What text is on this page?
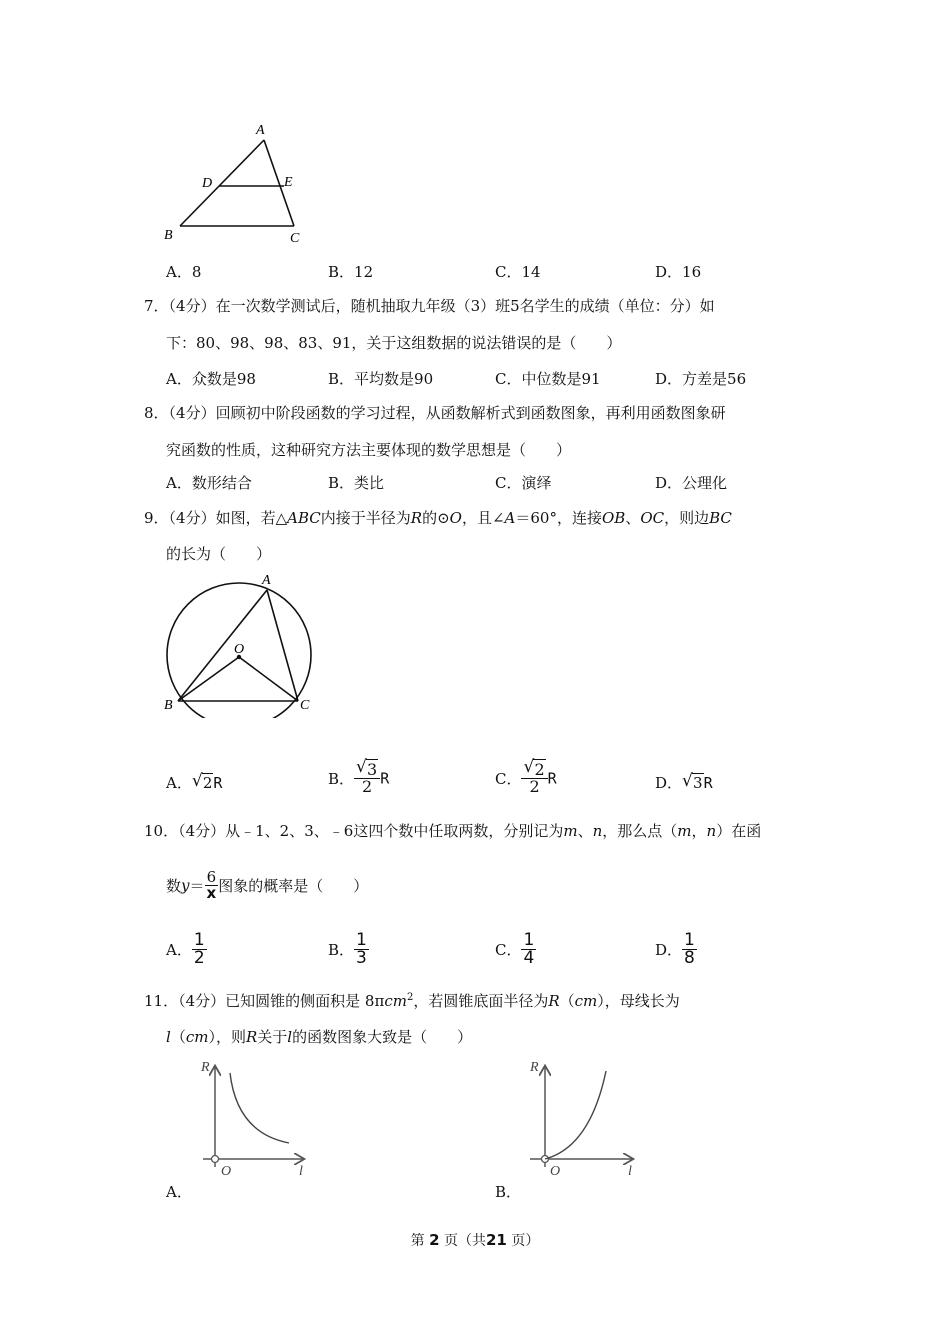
A
B	C
D	E
A．8	B．12	C．14	D．16
7．（4分）在一次数学测试后，随机抽取九年级（3）班5名学生的成绩（单位：分）如
下：80、98、98、83、91，关于这组数据的说法错误的是（　　）
A．众数是98	B．平均数是90	C．中位数是91	D．方差是56
8．（4分）回顾初中阶段函数的学习过程，从函数解析式到函数图象，再利用函数图象研
究函数的性质，这种研究方法主要体现的数学思想是（　　）
A．数形结合	B．类比	C．演绎	D．公理化
9．（4分）如图，若△ABC内接于半径为R的⊙O，且∠A＝60°，连接OB、OC，则边BC
的长为（　　）
A
B	C
O
A． √ 2R	B． $\frac{√ 3}{2}$ R	C． $\frac{√ 2}{2}$ R	D． √ 3R
10．（4分）从﹣1、2、3、﹣6这四个数中任取两数，分别记为m、n，那么点（m，n）在函
数$y= \frac{6}{x}$ 图象的概率是（　　）
A． $\frac{1}{2}$	B． $\frac{1}{3}$	C． $\frac{1}{4}$	D． $\frac{1}{8}$
11．（4分）已知圆锥的侧面积是 8πcm$^2$，若圆锥底面半径为R（cm），母线长为
l（cm），则R关于l的函数图象大致是（　　）
R
l
O
A．
R
l
O
B．
第 2 页（共21 页）
